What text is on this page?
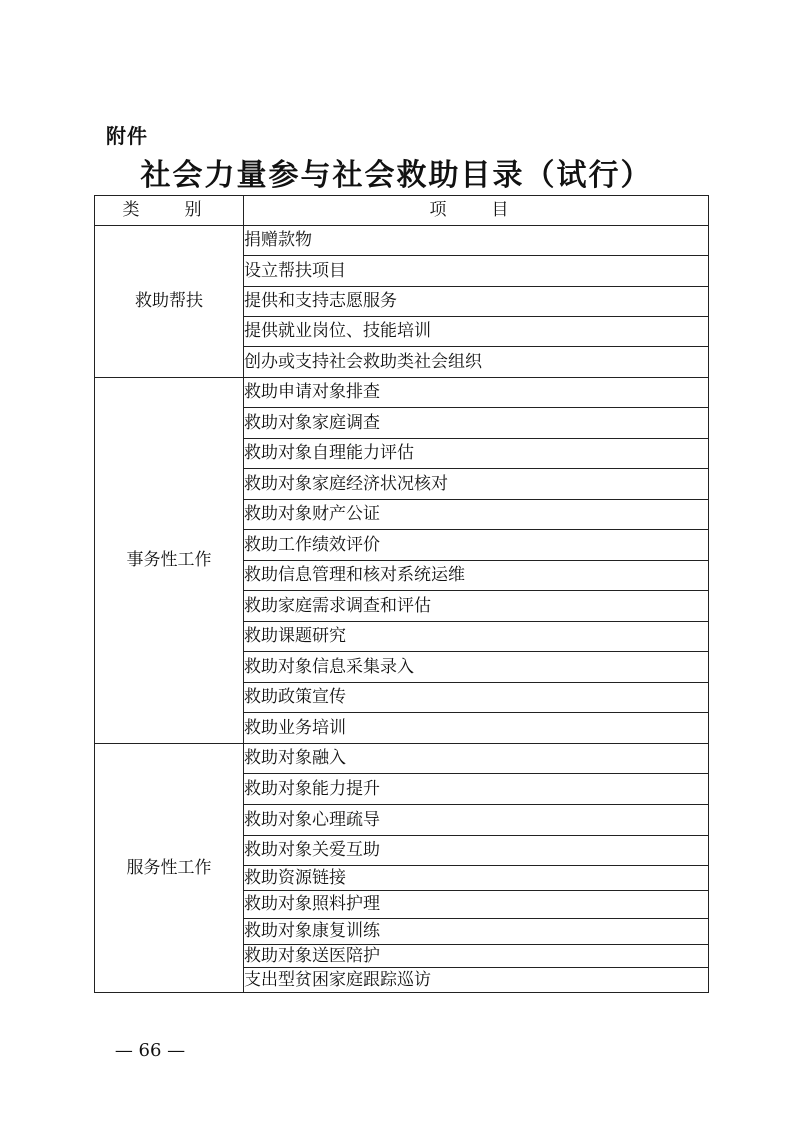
附件
社会力量参与社会救助目录（试行）
类　别	项　目
救助帮扶	捐赠款物
	设立帮扶项目
	提供和支持志愿服务
	提供就业岗位、技能培训
	创办或支持社会救助类社会组织
事务性工作	救助申请对象排查
	救助对象家庭调查
	救助对象自理能力评估
	救助对象家庭经济状况核对
	救助对象财产公证
	救助工作绩效评价
	救助信息管理和核对系统运维
	救助家庭需求调查和评估
	救助课题研究
	救助对象信息采集录入
	救助政策宣传
	救助业务培训
服务性工作	救助对象融入
	救助对象能力提升
	救助对象心理疏导
	救助对象关爱互助
	救助资源链接
	救助对象照料护理
	救助对象康复训练
	救助对象送医陪护
	支出型贫困家庭跟踪巡访
— 66 —
